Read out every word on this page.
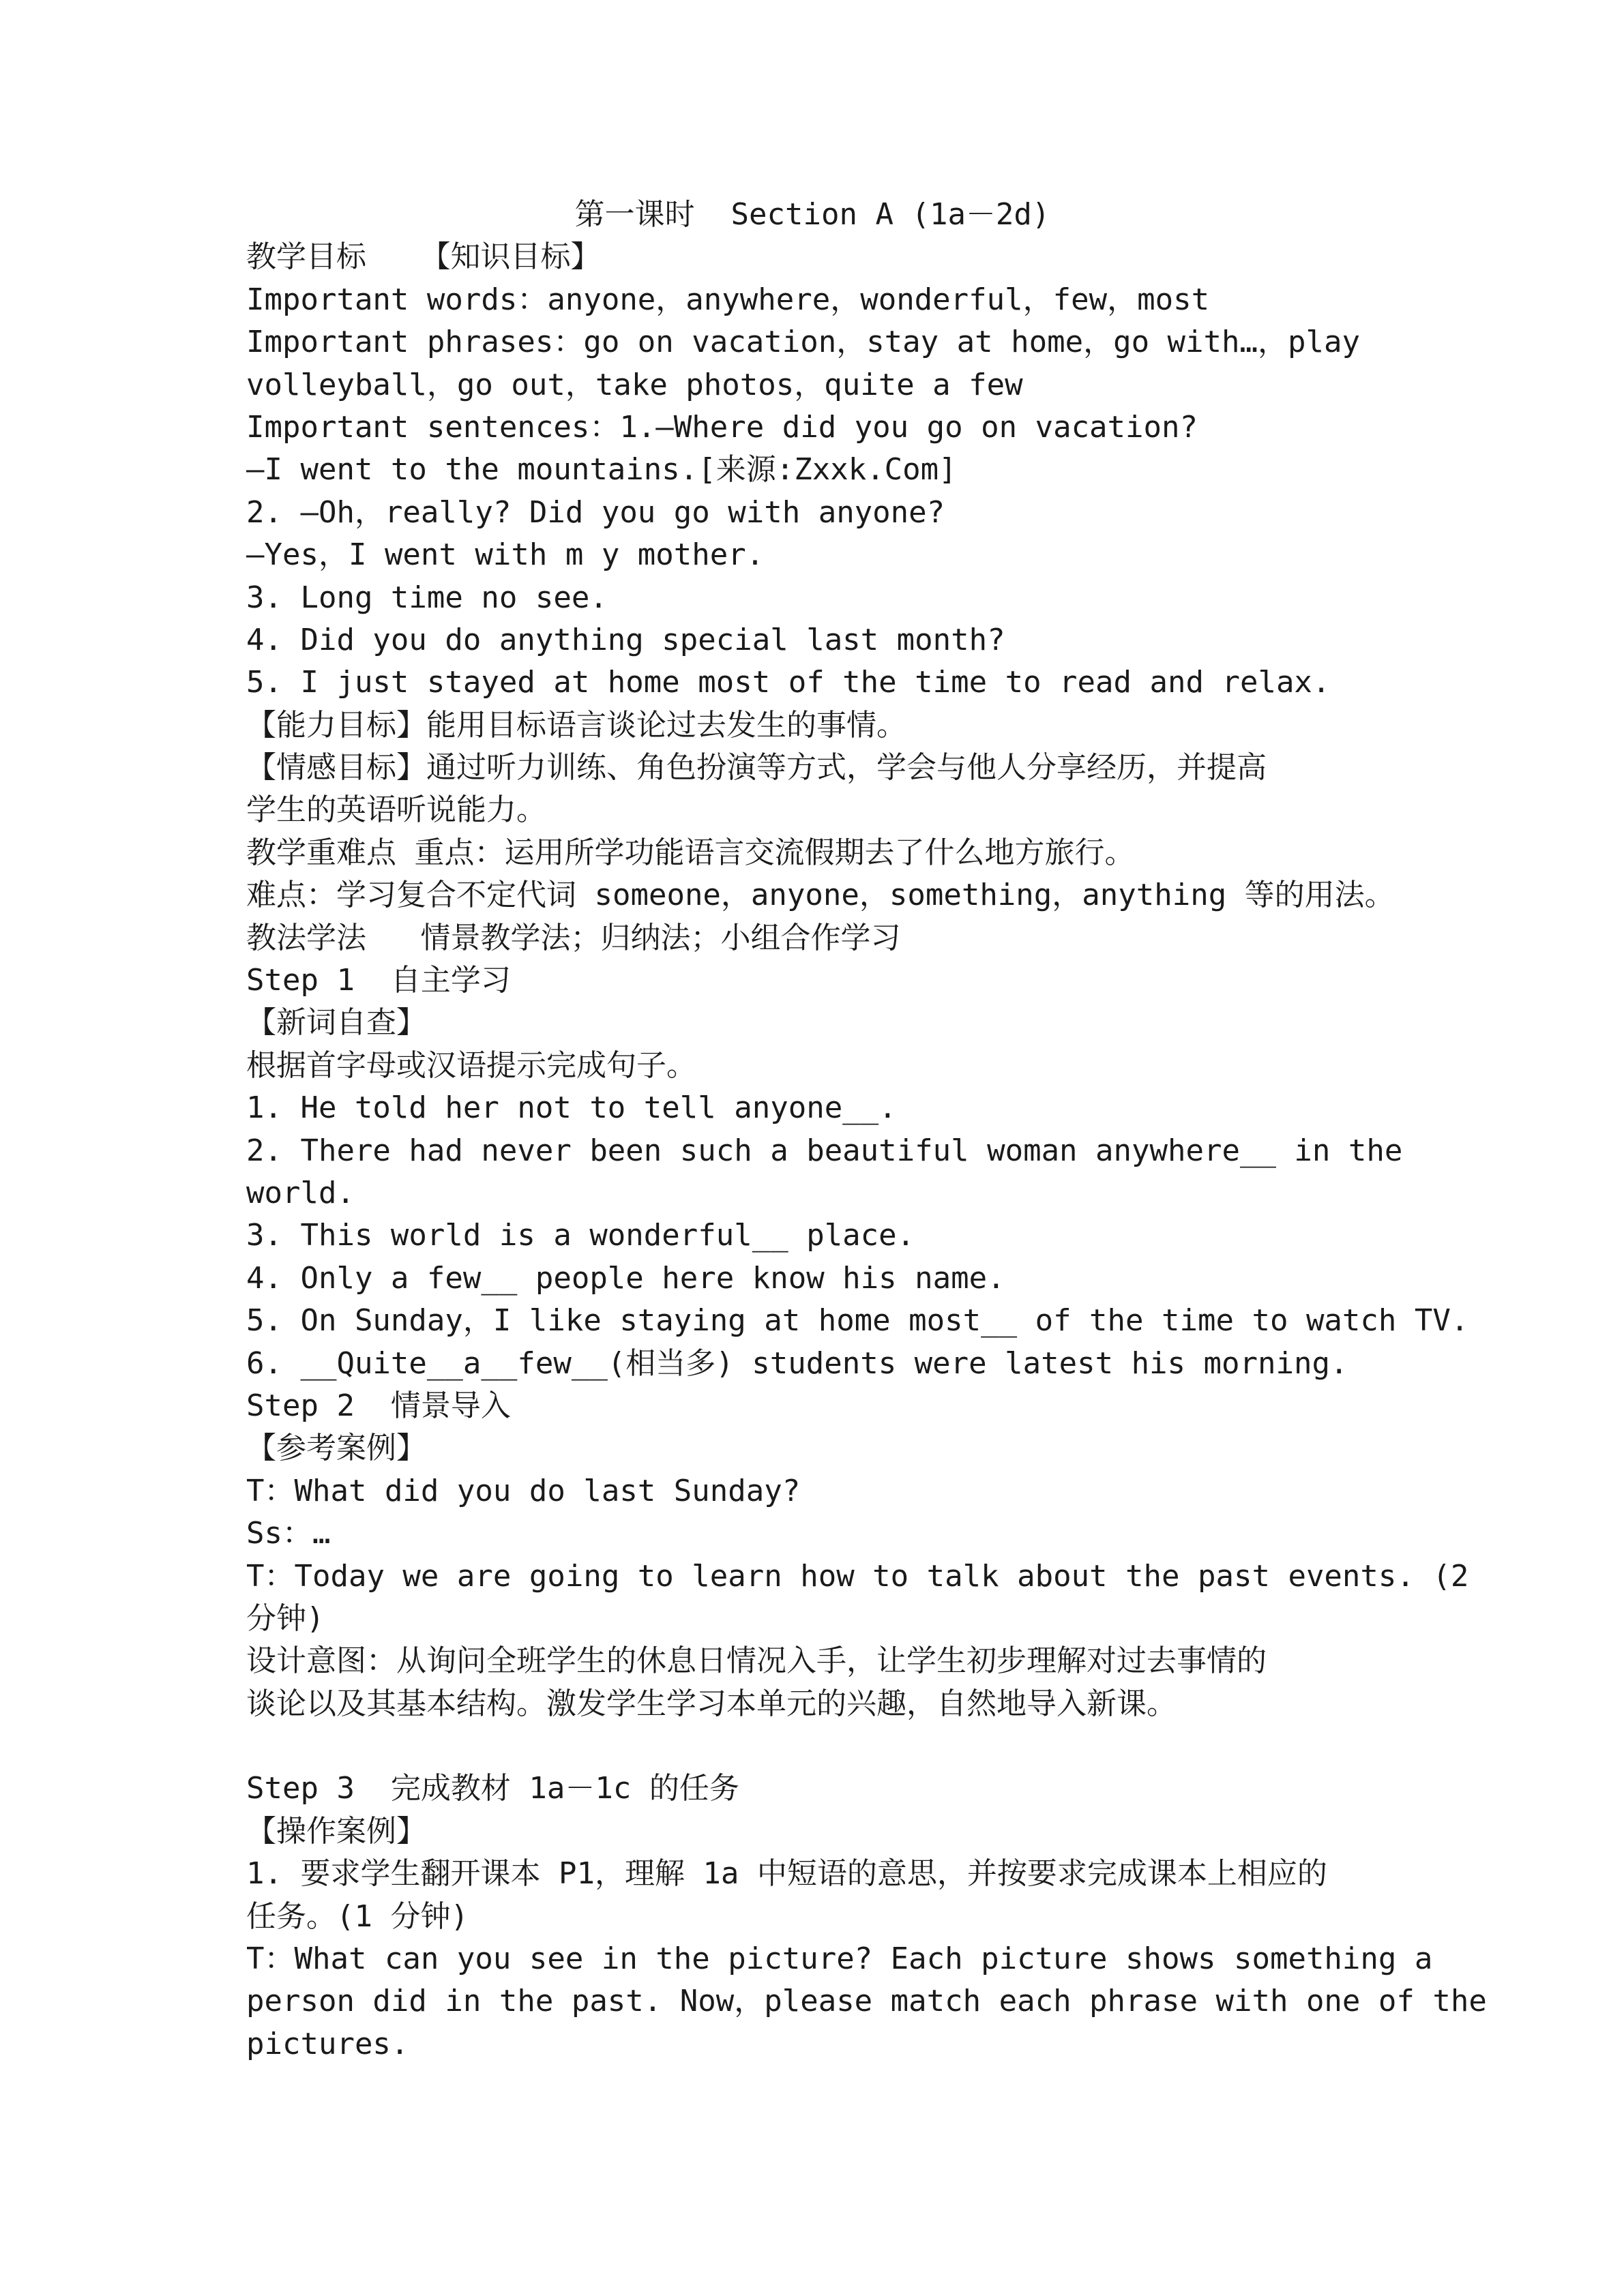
第一课时  Section A (1a－2d)
教学目标   【知识目标】
Important words：anyone，anywhere，wonderful，few，most
Important phrases：go on vacation，stay at home，go with…，play
volleyball，go out，take photos，quite a few
Important sentences：1.—Where did you go on vacation?
—I went to the mountains.[来源:Zxxk.Com]
2. —Oh，really? Did you go with anyone?
—Yes，I went with m y mother.
3. Long time no see.
4. Did you do anything special last month?
5. I just stayed at home most of the time to read and relax.
【能力目标】能用目标语言谈论过去发生的事情。
【情感目标】通过听力训练、角色扮演等方式，学会与他人分享经历，并提高
学生的英语听说能力。
教学重难点 重点：运用所学功能语言交流假期去了什么地方旅行。
难点：学习复合不定代词 someone，anyone，something，anything 等的用法。
教法学法   情景教学法；归纳法；小组合作学习
Step 1  自主学习
【新词自查】
根据首字母或汉语提示完成句子。
1. He told her not to tell anyone__.
2. There had never been such a beautiful woman anywhere__ in the
world.
3. This world is a wonderful__ place.
4. Only a few__ people here know his name.
5. On Sunday，I like staying at home most__ of the time to watch TV.
6. __Quite__a__few__(相当多) students were latest his morning.
Step 2  情景导入
【参考案例】
T：What did you do last Sunday?
Ss：…
T：Today we are going to learn how to talk about the past events. (2
分钟)
设计意图：从询问全班学生的休息日情况入手，让学生初步理解对过去事情的
谈论以及其基本结构。激发学生学习本单元的兴趣，自然地导入新课。
Step 3  完成教材 1a－1c 的任务
【操作案例】
1. 要求学生翻开课本 P1，理解 1a 中短语的意思，并按要求完成课本上相应的
任务。(1 分钟)
T：What can you see in the picture? Each picture shows something a
person did in the past. Now，please match each phrase with one of the
pictures.
